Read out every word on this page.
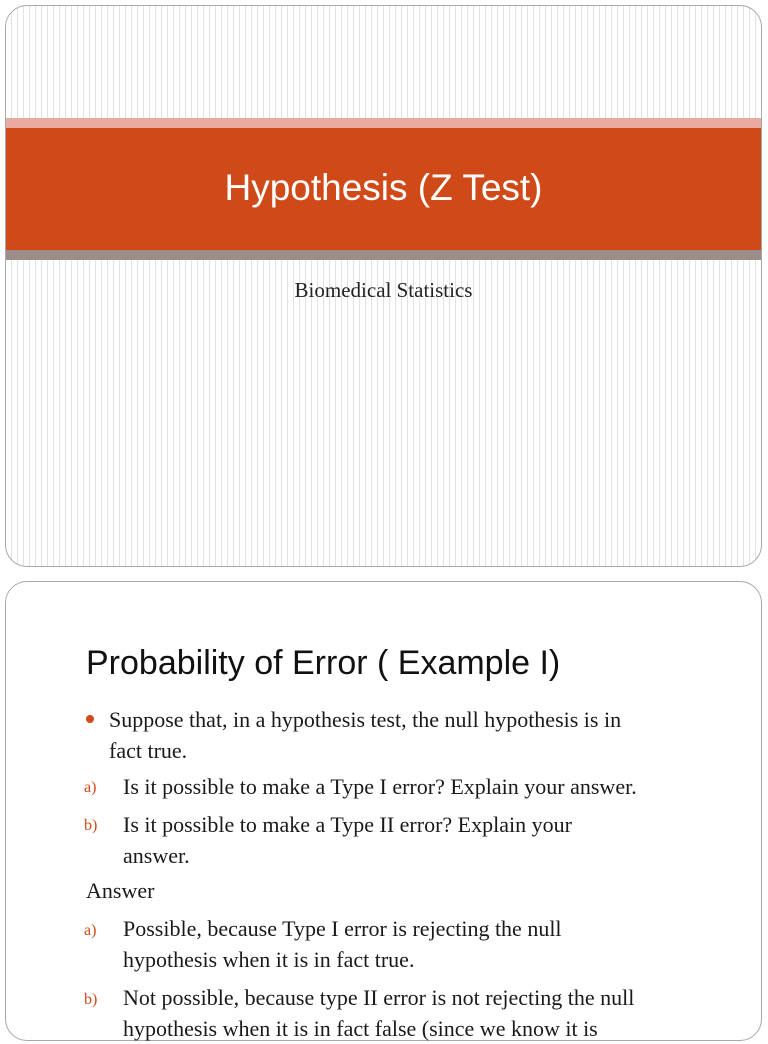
Hypothesis (Z Test)

Biomedical Statistics

Probability of Error ( Example I)
Suppose that, in a hypothesis test, the null hypothesis is in
fact true.
a) Is it possible to make a Type I error? Explain your answer.
b) Is it possible to make a Type II error? Explain your
answer.
Answer
a) Possible, because Type I error is rejecting the null
hypothesis when it is in fact true.
b) Not possible, because type II error is not rejecting the null
hypothesis when it is in fact false (since we know it is
